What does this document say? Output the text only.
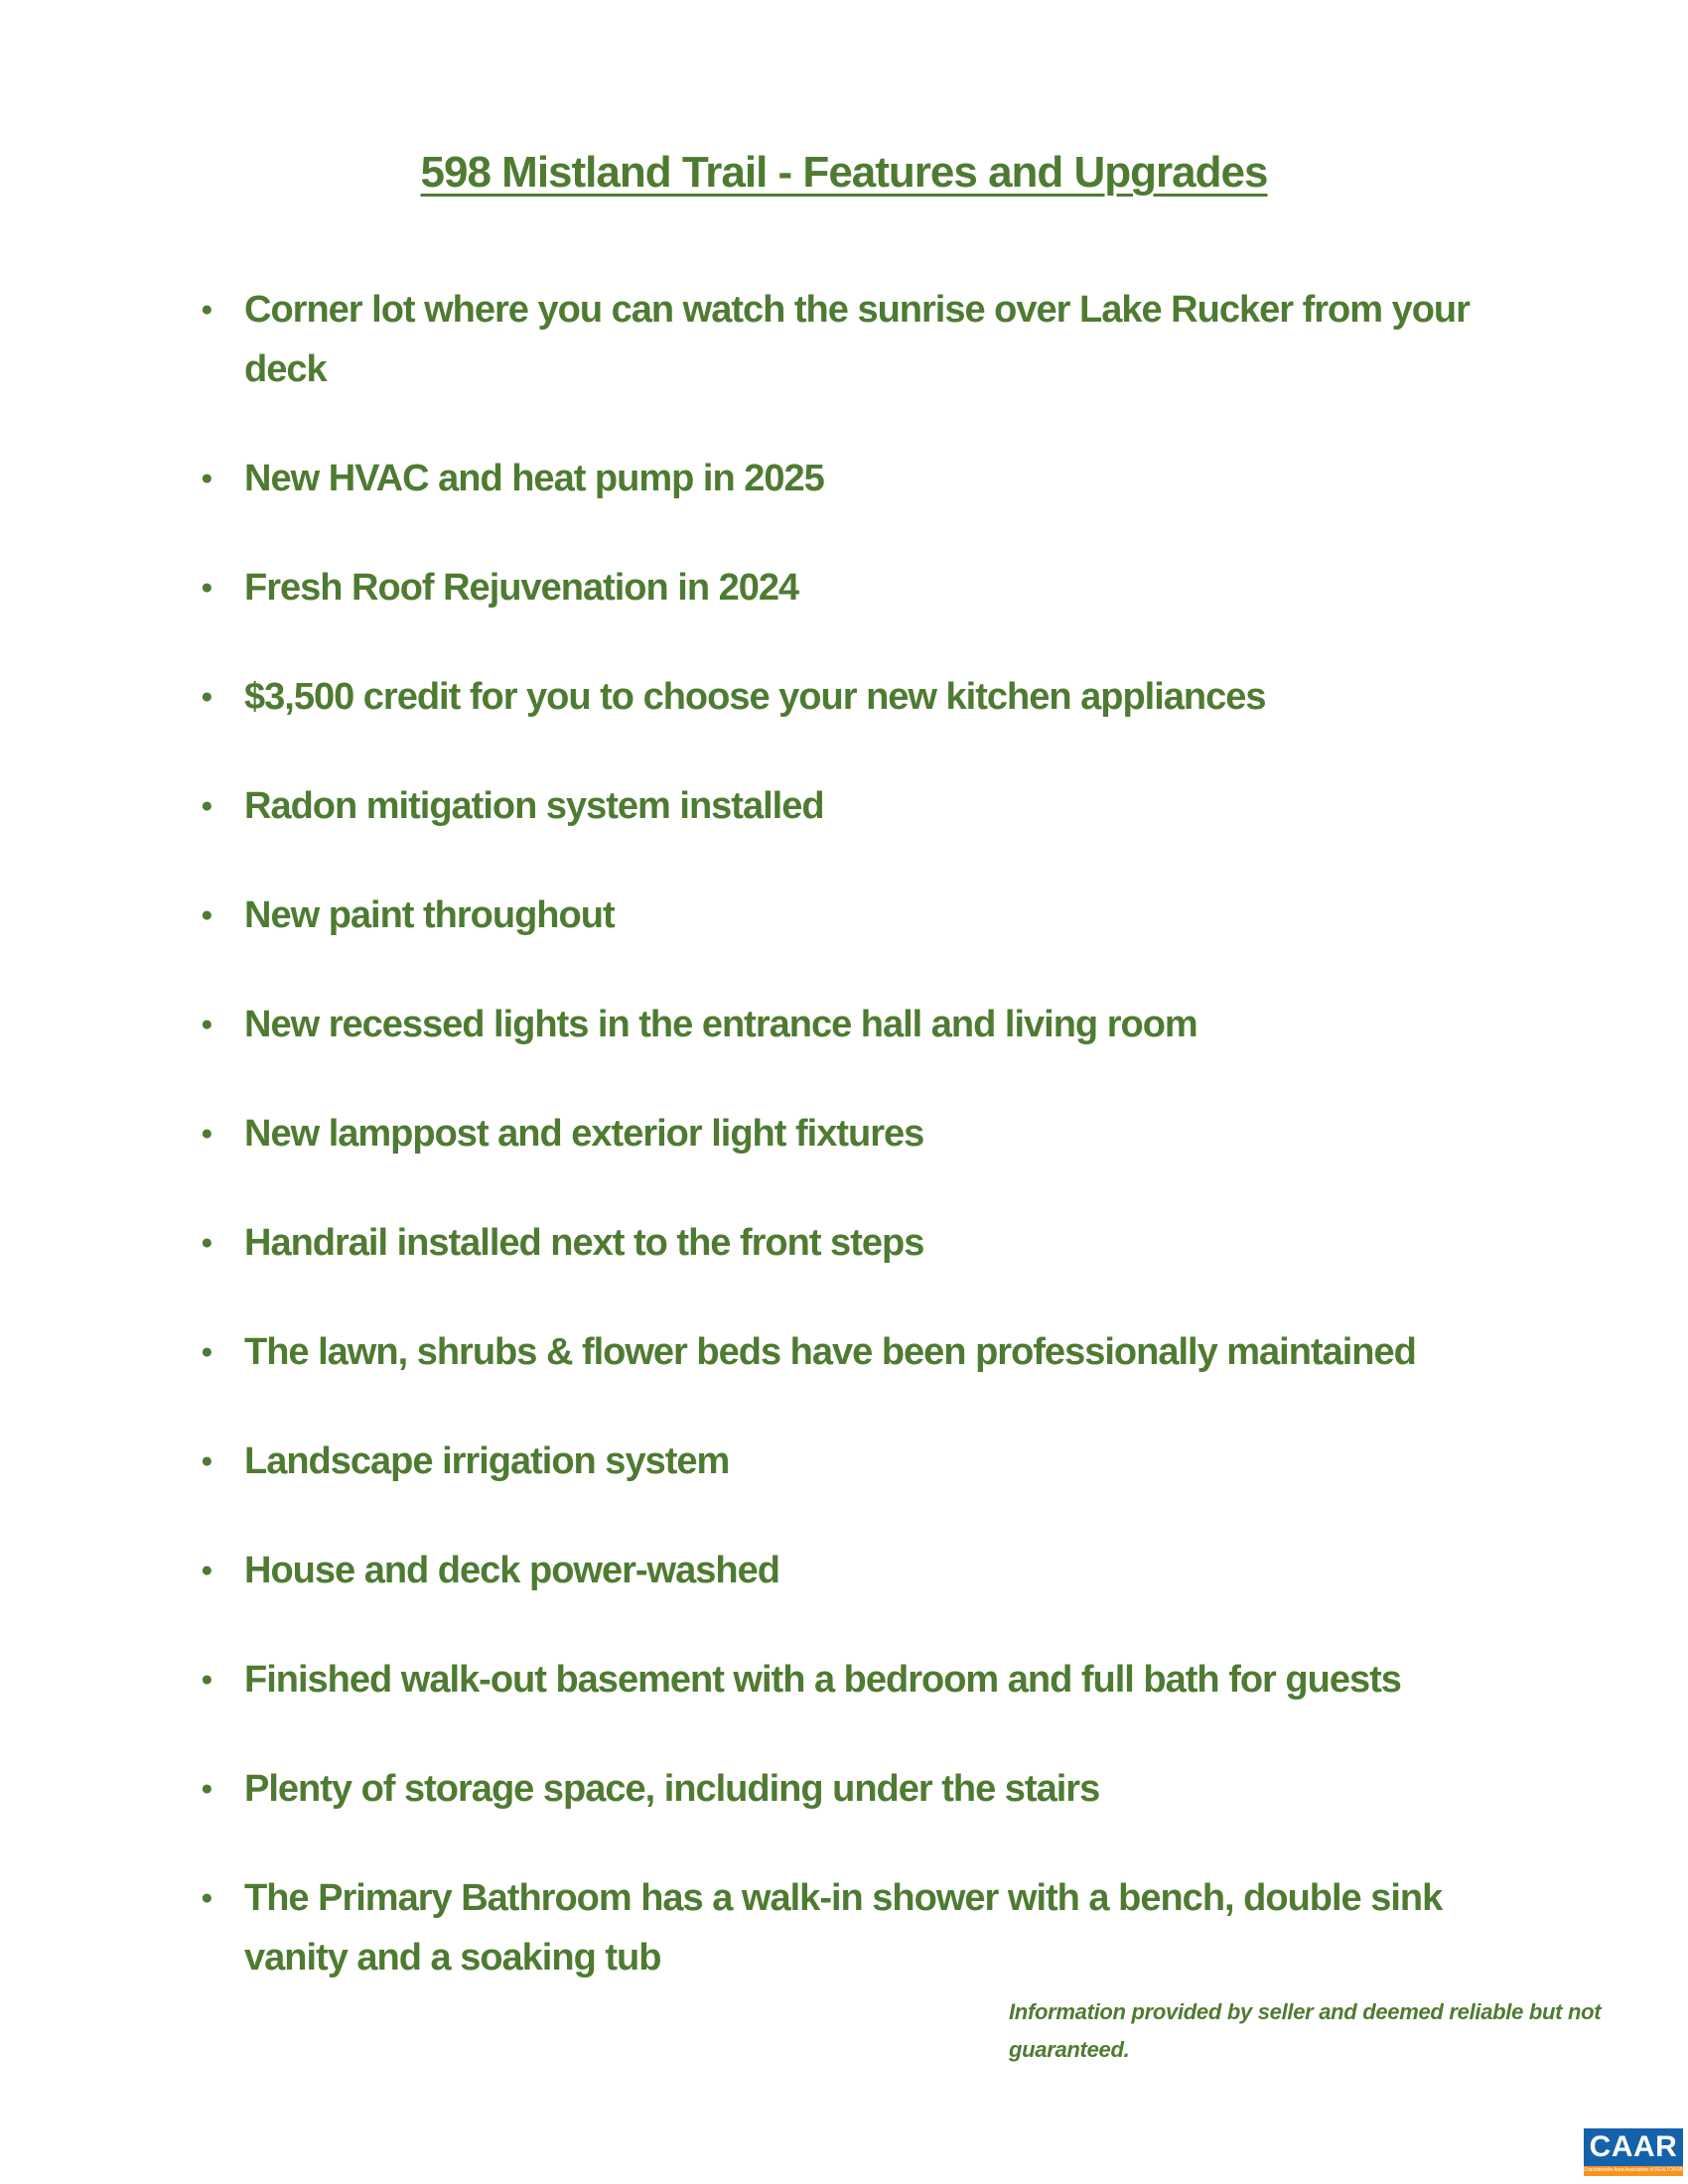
598 Mistland Trail - Features and Upgrades
● Corner lot where you can watch the sunrise over Lake Rucker from your deck
● New HVAC and heat pump in 2025
● Fresh Roof Rejuvenation in 2024
● $3,500 credit for you to choose your new kitchen appliances
● Radon mitigation system installed
● New paint throughout
● New recessed lights in the entrance hall and living room
● New lamppost and exterior light fixtures
● Handrail installed next to the front steps
● The lawn, shrubs & flower beds have been professionally maintained
● Landscape irrigation system
● House and deck power-washed
● Finished walk-out basement with a bedroom and full bath for guests
● Plenty of storage space, including under the stairs
● The Primary Bathroom has a walk-in shower with a bench, double sink vanity and a soaking tub
Information provided by seller and deemed reliable but not guaranteed.
CAAR
Charlottesville Area Association of REALTORS®
